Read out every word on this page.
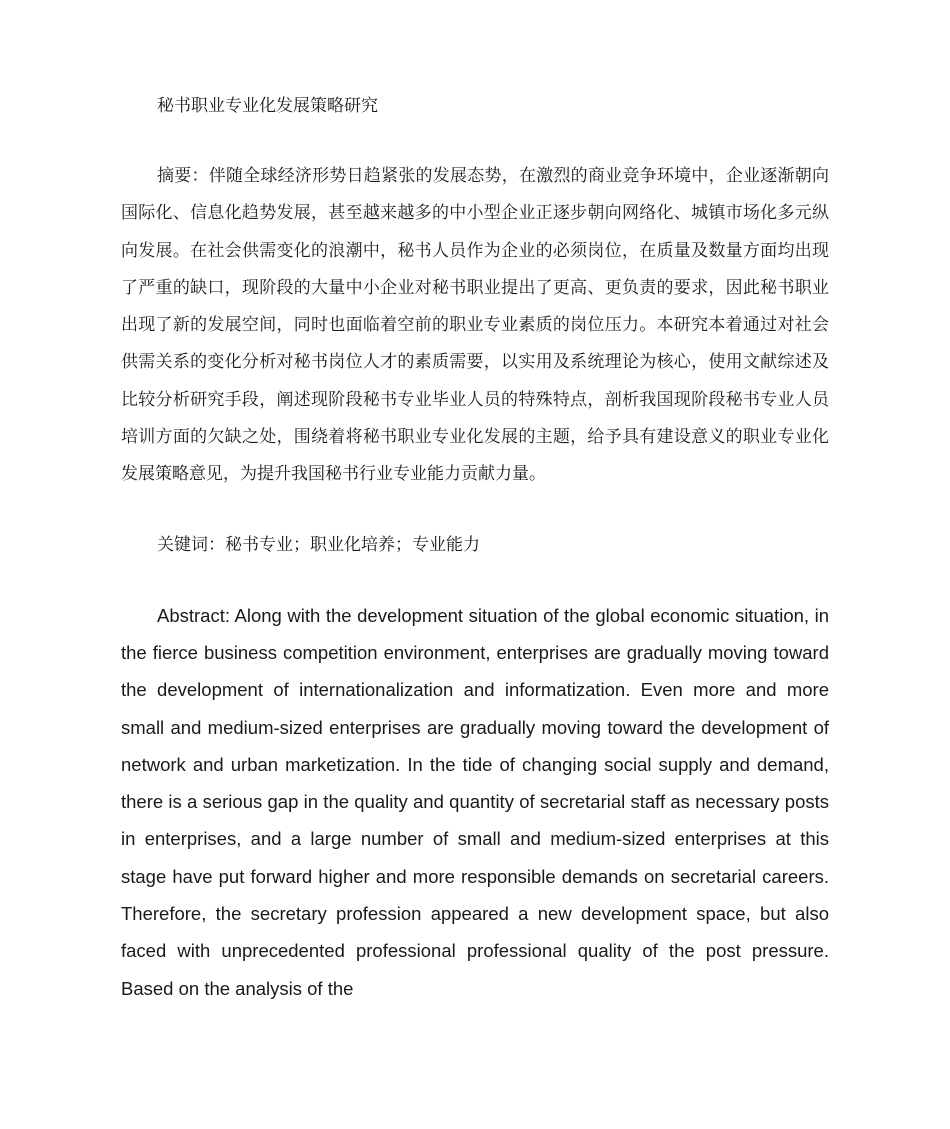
秘书职业专业化发展策略研究

摘要：伴随全球经济形势日趋紧张的发展态势，在激烈的商业竞争环境中，企业逐渐朝向国际化、信息化趋势发展，甚至越来越多的中小型企业正逐步朝向网络化、城镇市场化多元纵向发展。在社会供需变化的浪潮中，秘书人员作为企业的必须岗位，在质量及数量方面均出现了严重的缺口，现阶段的大量中小企业对秘书职业提出了更高、更负责的要求，因此秘书职业出现了新的发展空间，同时也面临着空前的职业专业素质的岗位压力。本研究本着通过对社会供需关系的变化分析对秘书岗位人才的素质需要，以实用及系统理论为核心，使用文献综述及比较分析研究手段，阐述现阶段秘书专业毕业人员的特殊特点，剖析我国现阶段秘书专业人员培训方面的欠缺之处，围绕着将秘书职业专业化发展的主题，给予具有建设意义的职业专业化发展策略意见，为提升我国秘书行业专业能力贡献力量。

关键词：秘书专业；职业化培养；专业能力

Abstract: Along with the development situation of the global economic situation, in the fierce business competition environment, enterprises are gradually moving toward the development of internationalization and informatization. Even more and more small and medium-sized enterprises are gradually moving toward the development of network and urban marketization. In the tide of changing social supply and demand, there is a serious gap in the quality and quantity of secretarial staff as necessary posts in enterprises, and a large number of small and medium-sized enterprises at this stage have put forward higher and more responsible demands on secretarial careers. Therefore, the secretary profession appeared a new development space, but also faced with unprecedented professional professional quality of the post pressure. Based on the analysis of the
